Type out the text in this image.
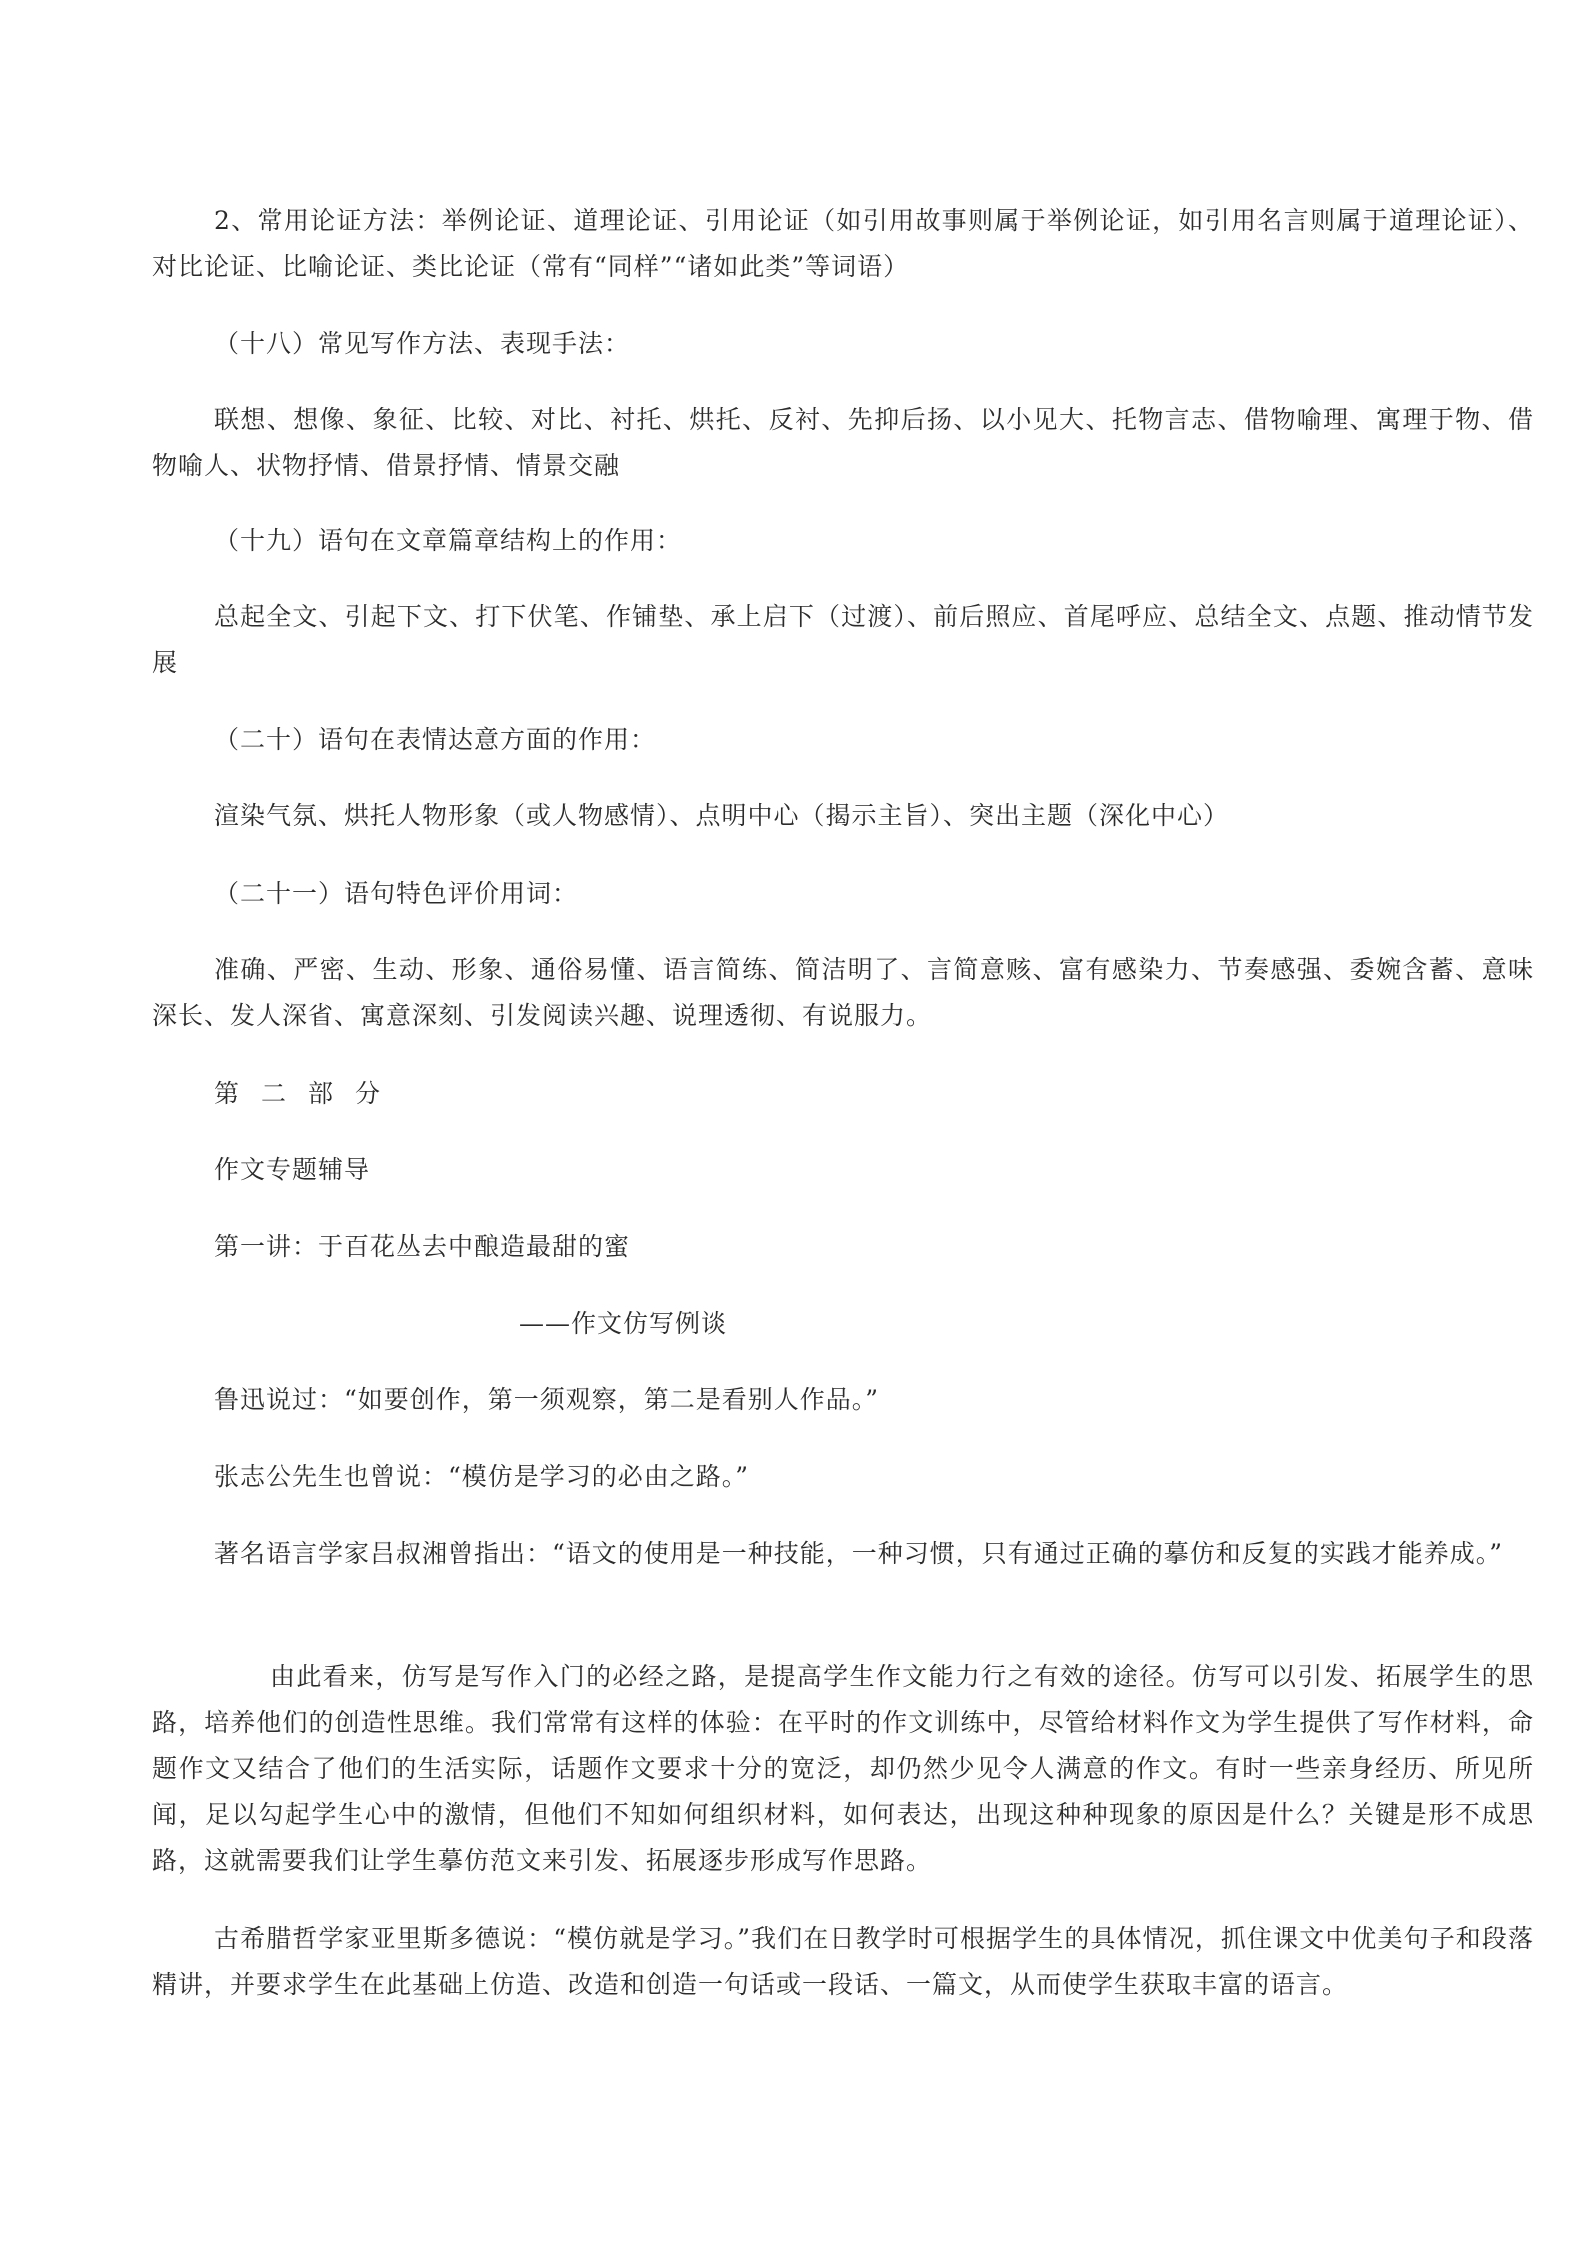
2、常用论证方法：举例论证、道理论证、引用论证（如引用故事则属于举例论证，如引用名言则属于道理论证）、对比论证、比喻论证、类比论证（常有“同样”“诸如此类”等词语）

（十八）常见写作方法、表现手法：

联想、想像、象征、比较、对比、衬托、烘托、反衬、先抑后扬、以小见大、托物言志、借物喻理、寓理于物、借物喻人、状物抒情、借景抒情、情景交融

（十九）语句在文章篇章结构上的作用：

总起全文、引起下文、打下伏笔、作铺垫、承上启下（过渡）、前后照应、首尾呼应、总结全文、点题、推动情节发展

（二十）语句在表情达意方面的作用：

渲染气氛、烘托人物形象（或人物感情）、点明中心（揭示主旨）、突出主题（深化中心）

（二十一）语句特色评价用词：

准确、严密、生动、形象、通俗易懂、语言简练、简洁明了、言简意赅、富有感染力、节奏感强、委婉含蓄、意味深长、发人深省、寓意深刻、引发阅读兴趣、说理透彻、有说服力。

第二部分

作文专题辅导

第一讲：于百花丛去中酿造最甜的蜜

——作文仿写例谈

鲁迅说过：“如要创作，第一须观察，第二是看别人作品。”

张志公先生也曾说：“模仿是学习的必由之路。”

著名语言学家吕叔湘曾指出：“语文的使用是一种技能，一种习惯，只有通过正确的摹仿和反复的实践才能养成。”

由此看来，仿写是写作入门的必经之路，是提高学生作文能力行之有效的途径。仿写可以引发、拓展学生的思路，培养他们的创造性思维。我们常常有这样的体验：在平时的作文训练中，尽管给材料作文为学生提供了写作材料，命题作文又结合了他们的生活实际，话题作文要求十分的宽泛，却仍然少见令人满意的作文。有时一些亲身经历、所见所闻，足以勾起学生心中的激情，但他们不知如何组织材料，如何表达，出现这种种现象的原因是什么？关键是形不成思路，这就需要我们让学生摹仿范文来引发、拓展逐步形成写作思路。

古希腊哲学家亚里斯多德说：“模仿就是学习。”我们在日教学时可根据学生的具体情况，抓住课文中优美句子和段落精讲，并要求学生在此基础上仿造、改造和创造一句话或一段话、一篇文，从而使学生获取丰富的语言。
